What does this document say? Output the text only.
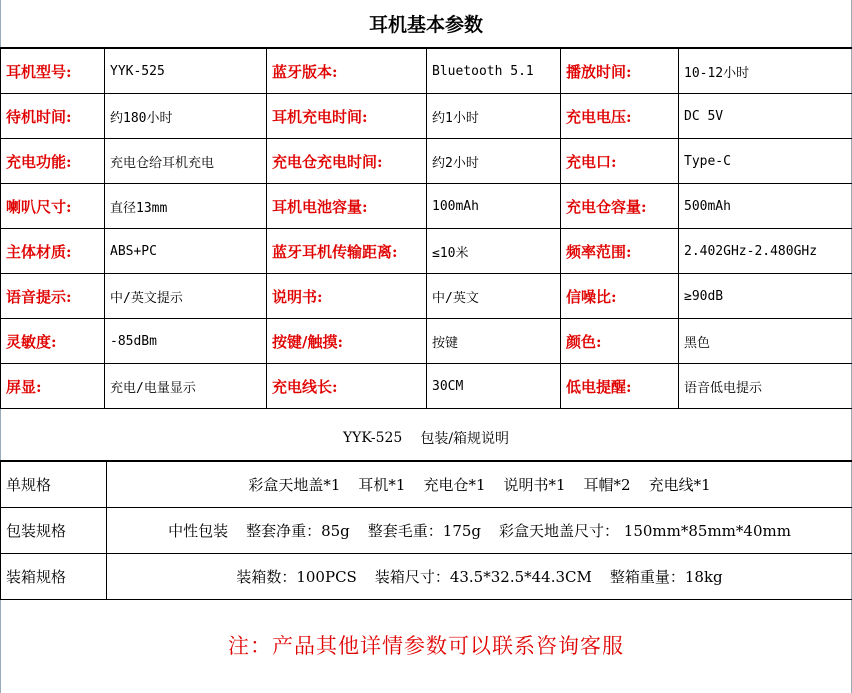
耳机基本参数
耳机型号:	YYK-525	蓝牙版本:	Bluetooth 5.1	播放时间:	10-12小时
待机时间:	约180小时	耳机充电时间:	约1小时	充电电压:	DC 5V
充电功能:	充电仓给耳机充电	充电仓充电时间:	约2小时	充电口:	Type-C
喇叭尺寸:	直径13mm	耳机电池容量:	100mAh	充电仓容量:	500mAh
主体材质:	ABS+PC	蓝牙耳机传输距离:	≤10米	频率范围:	2.402GHz-2.480GHz
语音提示:	中/英文提示	说明书:	中/英文	信噪比:	≥90dB
灵敏度:	-85dBm	按键/触摸:	按键	颜色:	黑色
屏显:	充电/电量显示	充电线长:	30CM	低电提醒:	语音低电提示
YYK-525 包装/箱规说明
单规格	彩盒天地盖*1 耳机*1 充电仓*1 说明书*1 耳帽*2 充电线*1
包装规格	中性包装 整套净重：85g 整套毛重：175g 彩盒天地盖尺寸： 150mm*85mm*40mm
装箱规格	装箱数：100PCS 装箱尺寸：43.5*32.5*44.3CM 整箱重量：18kg
注：产品其他详情参数可以联系咨询客服
